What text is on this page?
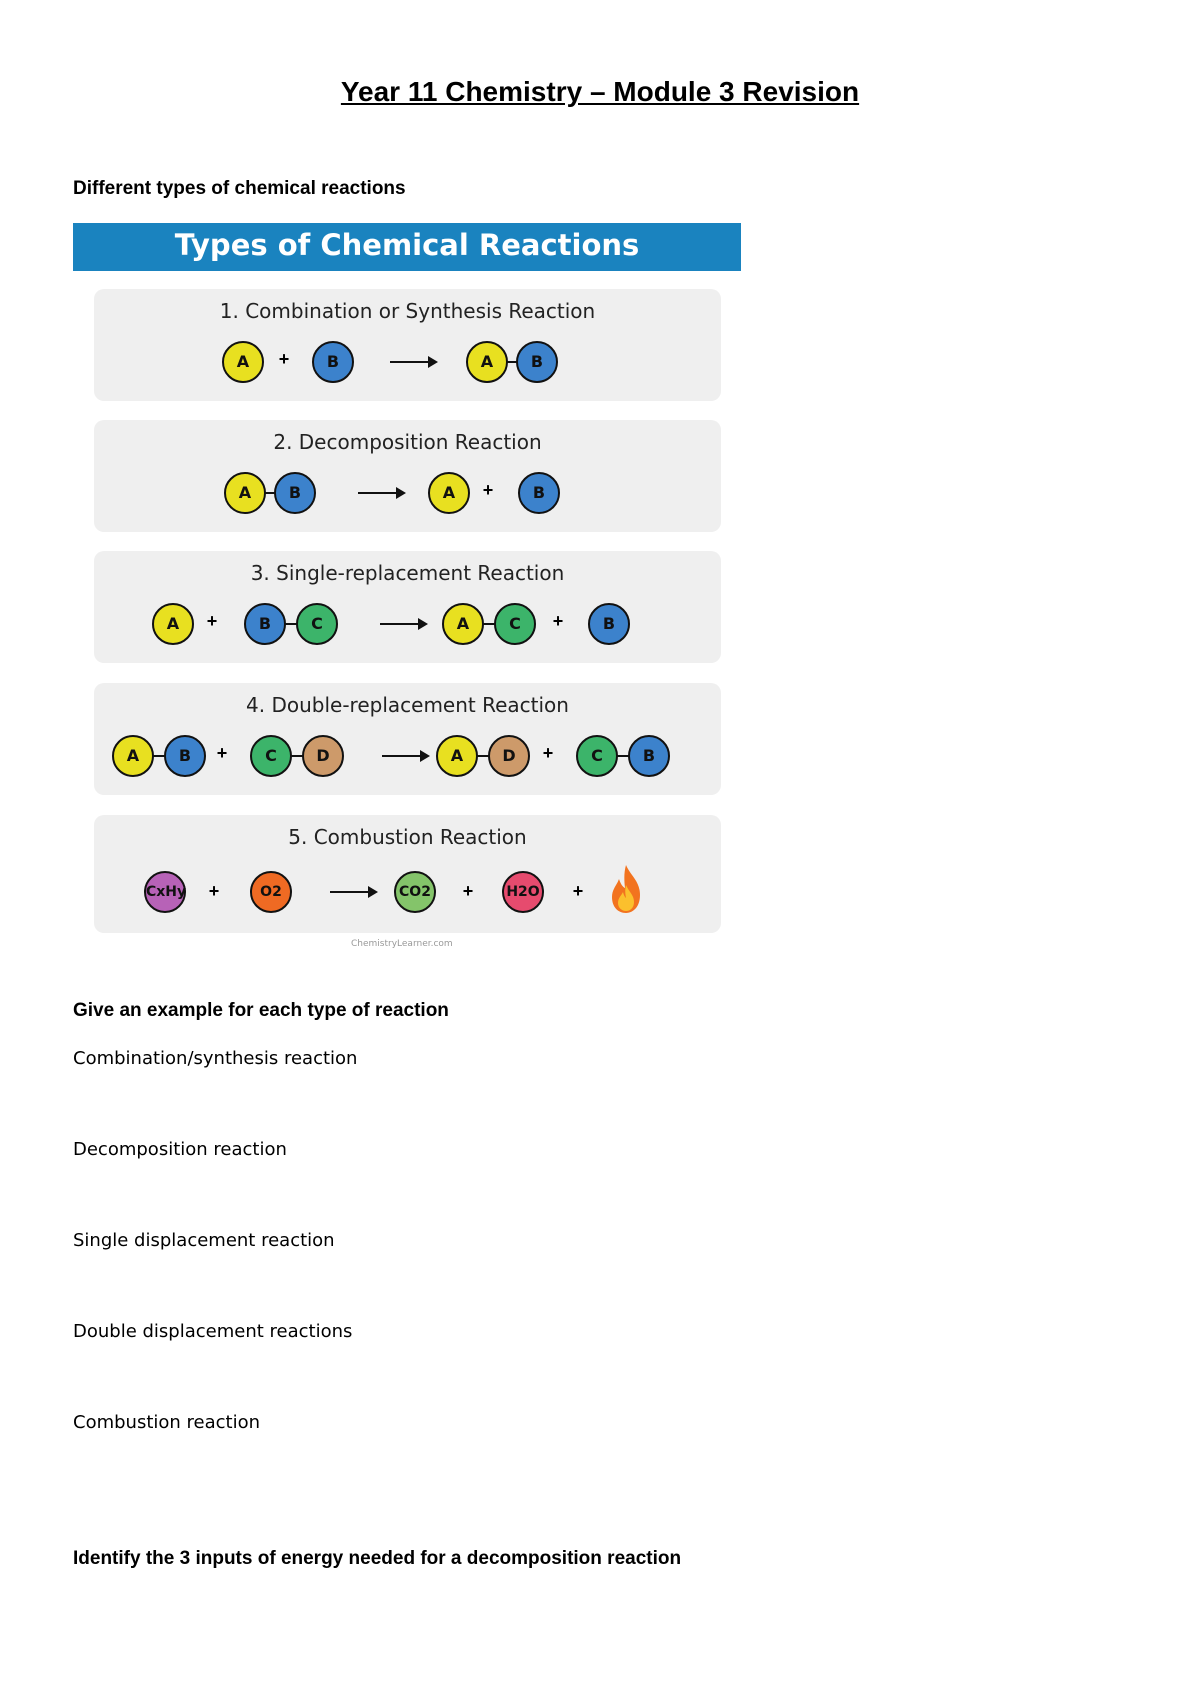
Year 11 Chemistry – Module 3 Revision
Different types of chemical reactions
Types of Chemical Reactions
1. Combination or Synthesis Reaction
A	+	B	A	B
2. Decomposition Reaction
A	B	A	+	B
3. Single-replacement Reaction
A	+	B	C	A	C	+	B
4. Double-replacement Reaction
A	B	+	C	D	A	D	+	C	B
5. Combustion Reaction
CxHy +	O2	CO2 +	H2O +
ChemistryLearner.com
Give an example for each type of reaction
Combination/synthesis reaction
Decomposition reaction
Single displacement reaction
Double displacement reactions
Combustion reaction
Identify the 3 inputs of energy needed for a decomposition reaction
